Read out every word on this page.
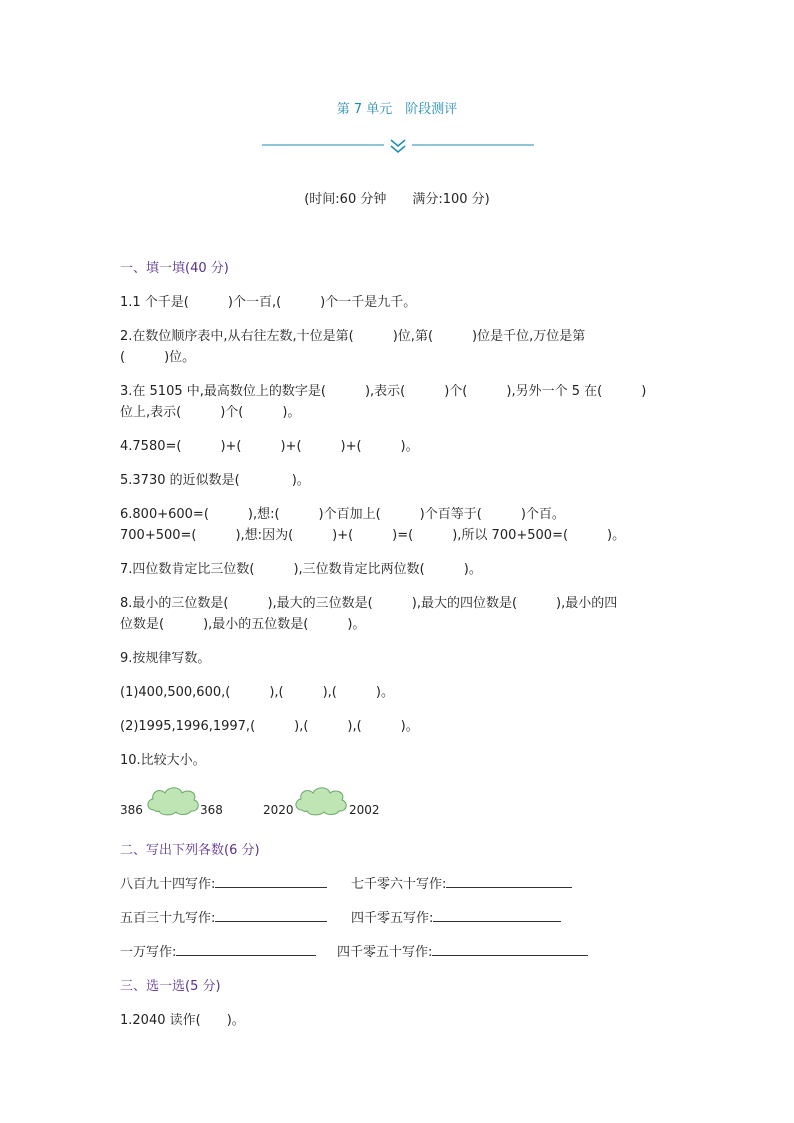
第 7 单元　阶段测评
(时间:60 分钟　　满分:100 分)
一、填一填(40 分)
1.1 个千是(　　　)个一百,(　　　)个一千是九千。
2.在数位顺序表中,从右往左数,十位是第(　　　)位,第(　　　)位是千位,万位是第
(　　　)位。
3.在 5105 中,最高数位上的数字是(　　　),表示(　　　)个(　　　),另外一个 5 在(　　　)
位上,表示(　　　)个(　　　)。
4.7580=(　　　)+(　　　)+(　　　)+(　　　)。
5.3730 的近似数是(　　　　)。
6.800+600=(　　　),想:(　　　)个百加上(　　　)个百等于(　　　)个百。
700+500=(　　　),想:因为(　　　)+(　　　)=(　　　),所以 700+500=(　　　)。
7.四位数肯定比三位数(　　　),三位数肯定比两位数(　　　)。
8.最小的三位数是(　　　),最大的三位数是(　　　),最大的四位数是(　　　),最小的四
位数是(　　　),最小的五位数是(　　　)。
9.按规律写数。
(1)400,500,600,(　　　),(　　　),(　　　)。
(2)1995,1996,1997,(　　　),(　　　),(　　　)。
10.比较大小。
386	368	2020	2002
二、写出下列各数(6 分)
八百九十四写作:	七千零六十写作:
五百三十九写作:	四千零五写作:
一万写作:	四千零五十写作:
三、选一选(5 分)
1.2040 读作(　　)。
